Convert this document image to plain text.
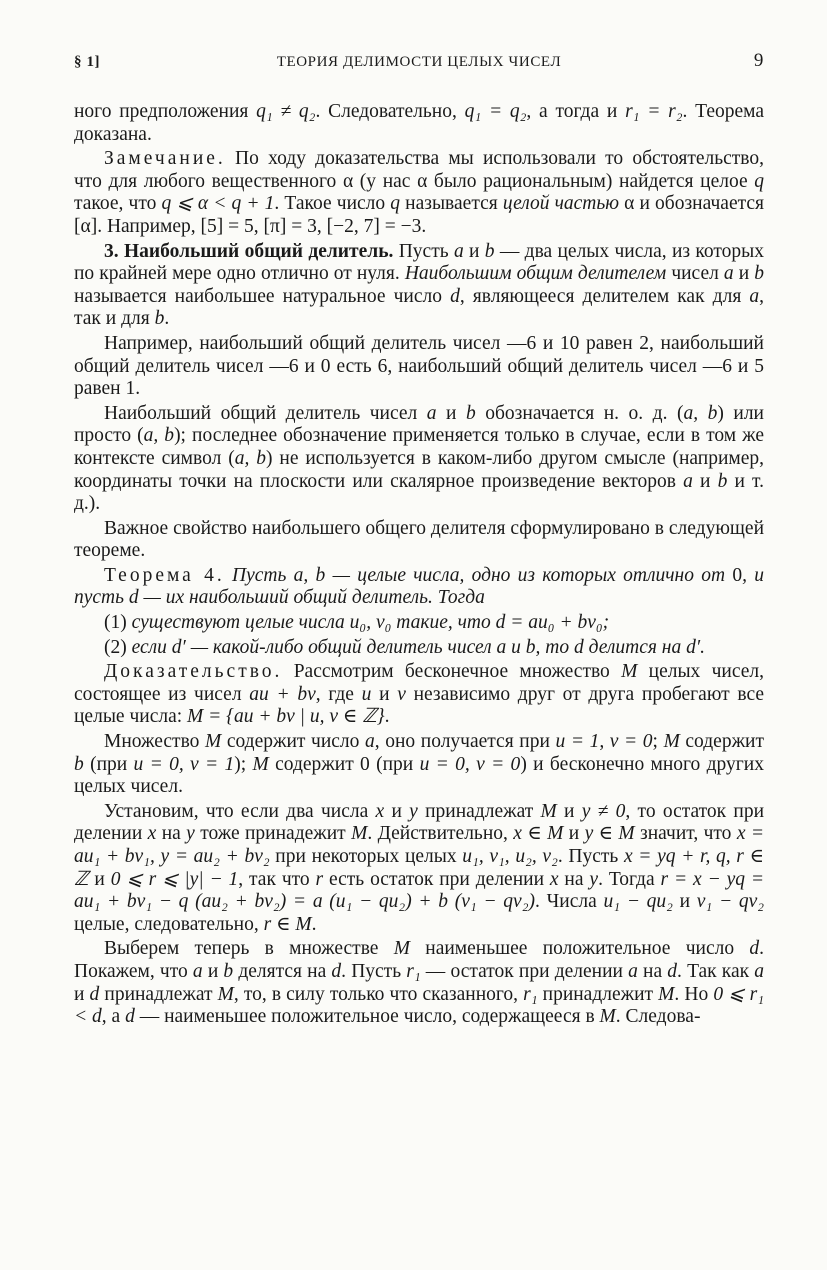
§ 1]	ТЕОРИЯ ДЕЛИМОСТИ ЦЕЛЫХ ЧИСЕЛ	9

ного предположения q₁ ≠ q₂. Следовательно, q₁ = q₂, а тогда и r₁ = r₂. Теорема доказана.

Замечание. По ходу доказательства мы использовали то обстоятельство, что для любого вещественного α (у нас α было рациональным) найдется целое q такое, что q ⩽ α < q + 1. Такое число q называется целой частью α и обозначается [α]. Например, [5] = 5, [π] = 3, [−2, 7] = −3.

3. Наибольший общий делитель. Пусть a и b — два целых числа, из которых по крайней мере одно отлично от нуля. Наибольшим общим делителем чисел a и b называется наибольшее натуральное число d, являющееся делителем как для a, так и для b.

Например, наибольший общий делитель чисел —6 и 10 равен 2, наибольший общий делитель чисел —6 и 0 есть 6, наибольший общий делитель чисел —6 и 5 равен 1.

Наибольший общий делитель чисел a и b обозначается н. о. д. (a, b) или просто (a, b); последнее обозначение применяется только в случае, если в том же контексте символ (a, b) не используется в каком-либо другом смысле (например, координаты точки на плоскости или скалярное произведение векторов a и b и т. д.).

Важное свойство наибольшего общего делителя сформулировано в следующей теореме.

Теорема 4. Пусть a, b — целые числа, одно из которых отлично от 0, и пусть d — их наибольший общий делитель. Тогда

(1) существуют целые числа u₀, v₀ такие, что d = au₀ + bv₀;

(2) если d′ — какой-либо общий делитель чисел a и b, то d делится на d′.

Доказательство. Рассмотрим бесконечное множество M целых чисел, состоящее из чисел au + bv, где u и v независимо друг от друга пробегают все целые числа: M = {au + bv | u, v ∈ ℤ}.

Множество M содержит число a, оно получается при u = 1, v = 0; M содержит b (при u = 0, v = 1); M содержит 0 (при u = 0, v = 0) и бесконечно много других целых чисел.

Установим, что если два числа x и y принадлежат M и y ≠ 0, то остаток при делении x на y тоже принадежит M. Действительно, x ∈ M и y ∈ M значит, что x = au₁ + bv₁, y = au₂ + bv₂ при некоторых целых u₁, v₁, u₂, v₂. Пусть x = yq + r, q, r ∈ ℤ и 0 ⩽ r ⩽ |y| − 1, так что r есть остаток при делении x на y. Тогда r = x − yq = au₁ + bv₁ − q (au₂ + bv₂) = a (u₁ − qu₂) + b (v₁ − qv₂). Числа u₁ − qu₂ и v₁ − qv₂ целые, следовательно, r ∈ M.

Выберем теперь в множестве M наименьшее положительное число d. Покажем, что a и b делятся на d. Пусть r₁ — остаток при делении a на d. Так как a и d принадлежат M, то, в силу только что сказанного, r₁ принадлежит M. Но 0 ⩽ r₁ < d, а d — наименьшее положительное число, содержащееся в M. Следова-
